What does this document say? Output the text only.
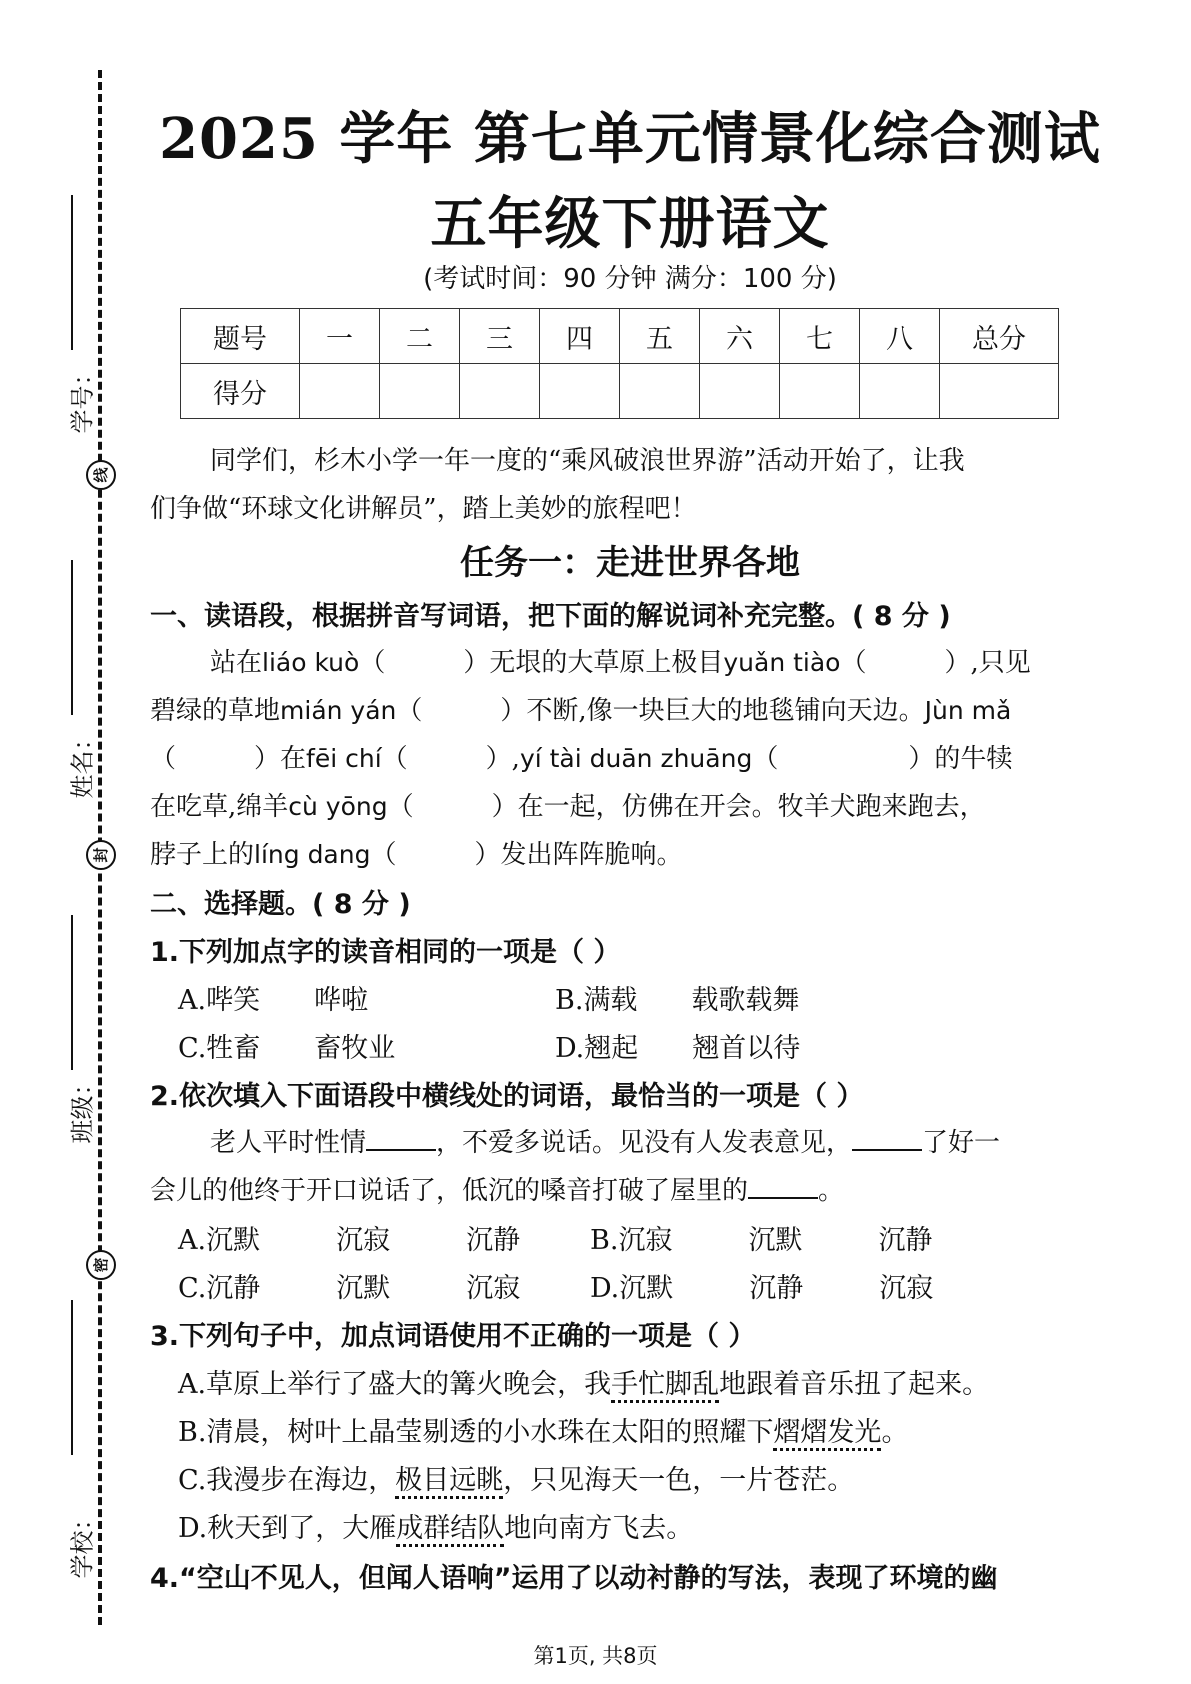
线
封
密
学号：
姓名：
班级：
学校：
2025 学年 第七单元情景化综合测试
五年级下册语文
(考试时间：90 分钟 满分：100 分)
题号	一	二	三	四	五	六	七	八	总分
得分									
同学们，杉木小学一年一度的“乘风破浪世界游”活动开始了，让我
们争做“环球文化讲解员”，踏上美妙的旅程吧！
任务一：走进世界各地
一、读语段，根据拼音写词语，把下面的解说词补充完整。( 8 分 )
站在liáo kuò（   ）无垠的大草原上极目yuǎn tiào（   ）,只见
碧绿的草地mián yán（   ）不断,像一块巨大的地毯铺向天边。Jùn mǎ
（   ）在fēi chí（   ）,yí tài duān zhuāng（     ）的牛犊
在吃草,绵羊cù yōng（   ）在一起，仿佛在开会。牧羊犬跑来跑去，
脖子上的líng dang（   ）发出阵阵脆响。
二、选择题。( 8 分 )
1.下列加点字的读音相同的一项是（ ）
A.哔笑   哗啦	B.满载   载歌载舞
C.牲畜   畜牧业	D.翘起   翘首以待
2.依次填入下面语段中横线处的词语，最恰当的一项是（ ）
老人平时性情	，不爱多说话。见没有人发表意见，	了好一
会儿的他终于开口说话了，低沉的嗓音打破了屋里的	。
A.沉默	沉寂	沉静	B.沉寂	沉默	沉静
C.沉静	沉默	沉寂	D.沉默	沉静	沉寂
3.下列句子中，加点词语使用不正确的一项是（ ）
A.草原上举行了盛大的篝火晚会，我手忙脚乱地跟着音乐扭了起来。
B.清晨，树叶上晶莹剔透的小水珠在太阳的照耀下熠熠发光。
C.我漫步在海边，极目远眺，只见海天一色，一片苍茫。
D.秋天到了，大雁成群结队地向南方飞去。
4.“空山不见人，但闻人语响”运用了以动衬静的写法，表现了环境的幽
第1页, 共8页
